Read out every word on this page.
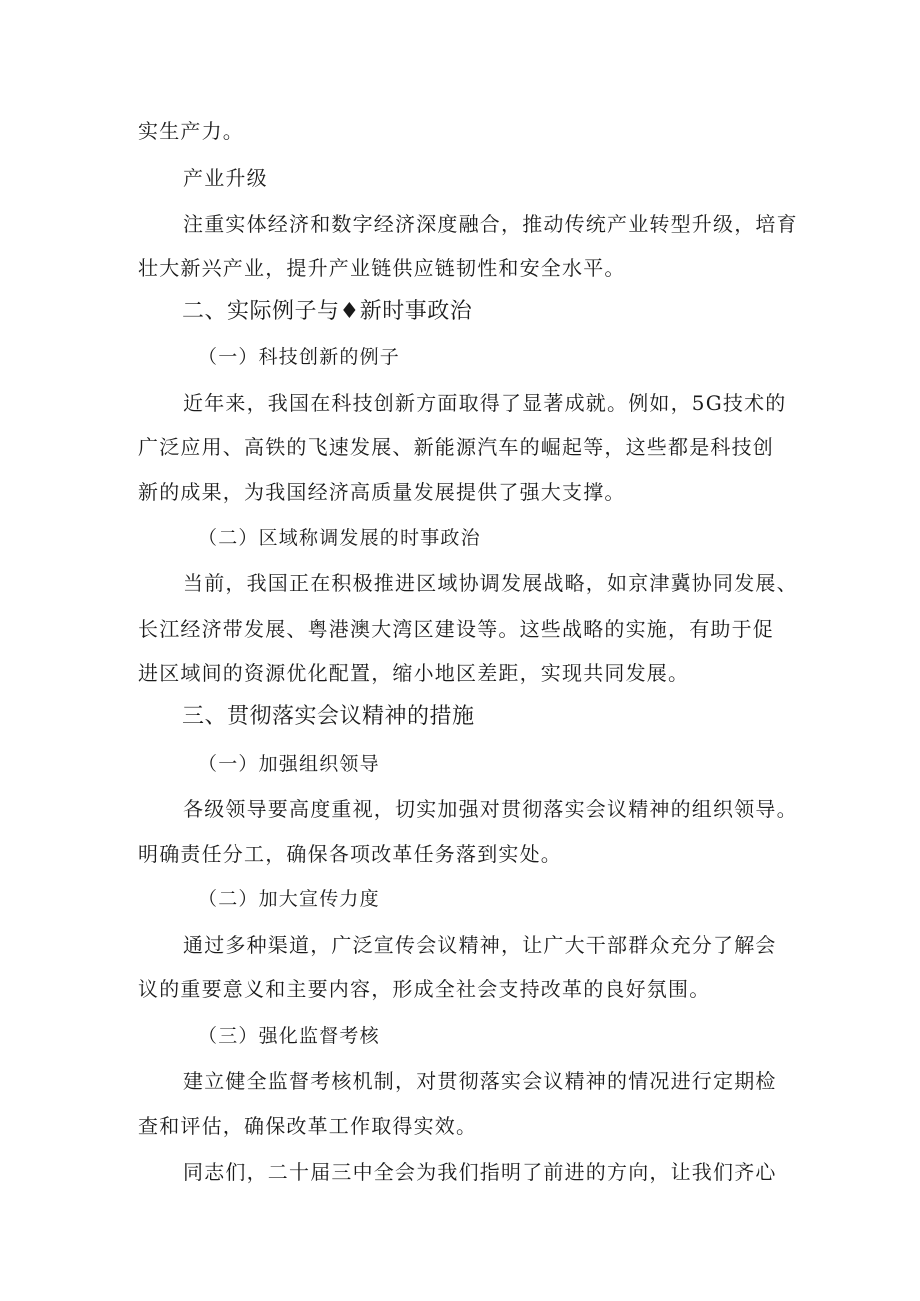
实生产力。
产业升级
注重实体经济和数字经济深度融合，推动传统产业转型升级，培育
壮大新兴产业，提升产业链供应链韧性和安全水平。
二、实际例子与♦新时事政治
（一）科技创新的例子
近年来，我国在科技创新方面取得了显著成就。例如，5G技术的
广泛应用、高铁的飞速发展、新能源汽车的崛起等，这些都是科技创
新的成果，为我国经济高质量发展提供了强大支撑。
（二）区域称调发展的时事政治
当前，我国正在积极推进区域协调发展战略，如京津冀协同发展、
长江经济带发展、粤港澳大湾区建设等。这些战略的实施，有助于促
进区域间的资源优化配置，缩小地区差距，实现共同发展。
三、贯彻落实会议精神的措施
（一）加强组织领导
各级领导要高度重视，切实加强对贯彻落实会议精神的组织领导。
明确责任分工，确保各项改革任务落到实处。
（二）加大宣传力度
通过多种渠道，广泛宣传会议精神，让广大干部群众充分了解会
议的重要意义和主要内容，形成全社会支持改革的良好氛围。
（三）强化监督考核
建立健全监督考核机制，对贯彻落实会议精神的情况进行定期检
查和评估，确保改革工作取得实效。
同志们，二十届三中全会为我们指明了前进的方向，让我们齐心
